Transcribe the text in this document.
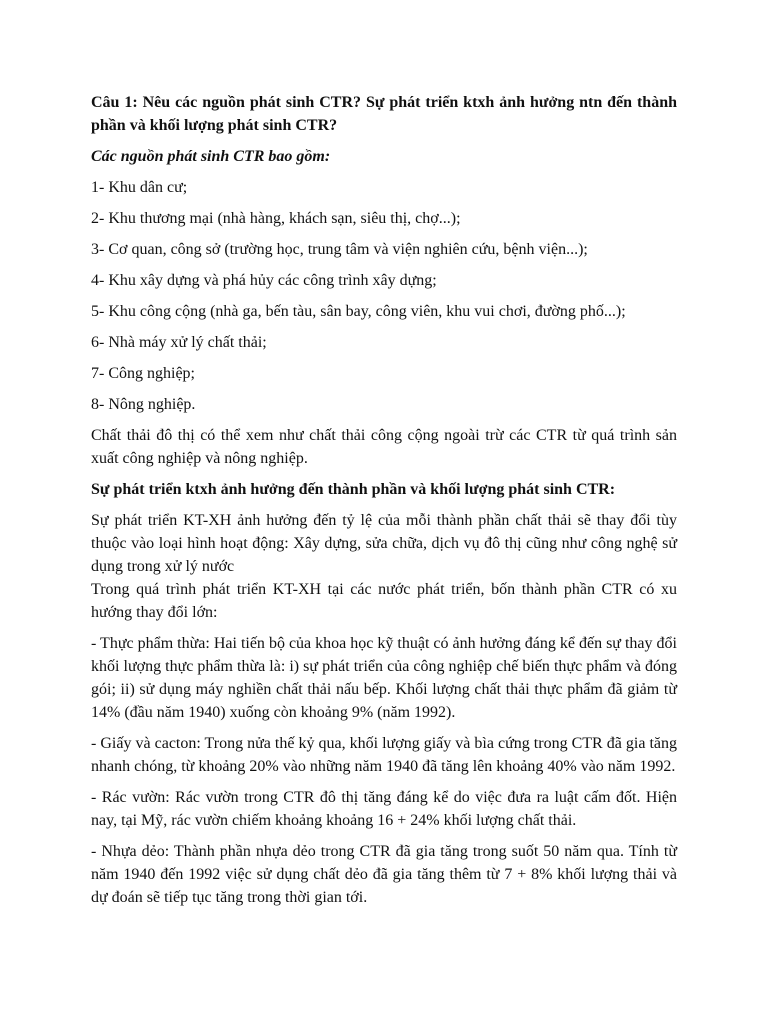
Câu 1: Nêu các nguồn phát sinh CTR? Sự phát triển ktxh ảnh hưởng ntn đến thành phần và khối lượng phát sinh CTR?

Các nguồn phát sinh CTR bao gồm:

1- Khu dân cư;

2- Khu thương mại (nhà hàng, khách sạn, siêu thị, chợ...);

3- Cơ quan, công sở (trường học, trung tâm và viện nghiên cứu, bệnh viện...);

4- Khu xây dựng và phá hủy các công trình xây dựng;

5- Khu công cộng (nhà ga, bến tàu, sân bay, công viên, khu vui chơi, đường phố...);

6- Nhà máy xử lý chất thải;

7- Công nghiệp;

8- Nông nghiệp.

Chất thải đô thị có thể xem như chất thải công cộng ngoài trừ các CTR từ quá trình sản xuất công nghiệp và nông nghiệp.

Sự phát triển ktxh ảnh hưởng đến thành phần và khối lượng phát sinh CTR:

Sự phát triển KT-XH ảnh hưởng đến tỷ lệ của mỗi thành phần chất thải sẽ thay đổi tùy thuộc vào loại hình hoạt động: Xây dựng, sửa chữa, dịch vụ đô thị cũng như công nghệ sử dụng trong xử lý nước

Trong quá trình phát triển KT-XH tại các nước phát triển, bốn thành phần CTR có xu hướng thay đổi lớn:

- Thực phẩm thừa: Hai tiến bộ của khoa học kỹ thuật có ảnh hưởng đáng kể đến sự thay đổi khối lượng thực phẩm thừa là: i) sự phát triển của công nghiệp chế biến thực phẩm và đóng gói; ii) sử dụng máy nghiền chất thải nấu bếp. Khối lượng chất thải thực phẩm đã giảm từ 14% (đầu năm 1940) xuống còn khoảng 9% (năm 1992).

- Giấy và cacton: Trong nửa thế kỷ qua, khối lượng giấy và bìa cứng trong CTR đã gia tăng nhanh chóng, từ khoảng 20% vào những năm 1940 đã tăng lên khoảng 40% vào năm 1992.

- Rác vườn: Rác vườn trong CTR đô thị tăng đáng kể do việc đưa ra luật cấm đốt. Hiện nay, tại Mỹ, rác vườn chiếm khoảng khoảng 16 + 24% khối lượng chất thải.

- Nhựa dẻo: Thành phần nhựa dẻo trong CTR đã gia tăng trong suốt 50 năm qua. Tính từ năm 1940 đến 1992 việc sử dụng chất dẻo đã gia tăng thêm từ 7 + 8% khối lượng thải và dự đoán sẽ tiếp tục tăng trong thời gian tới.
